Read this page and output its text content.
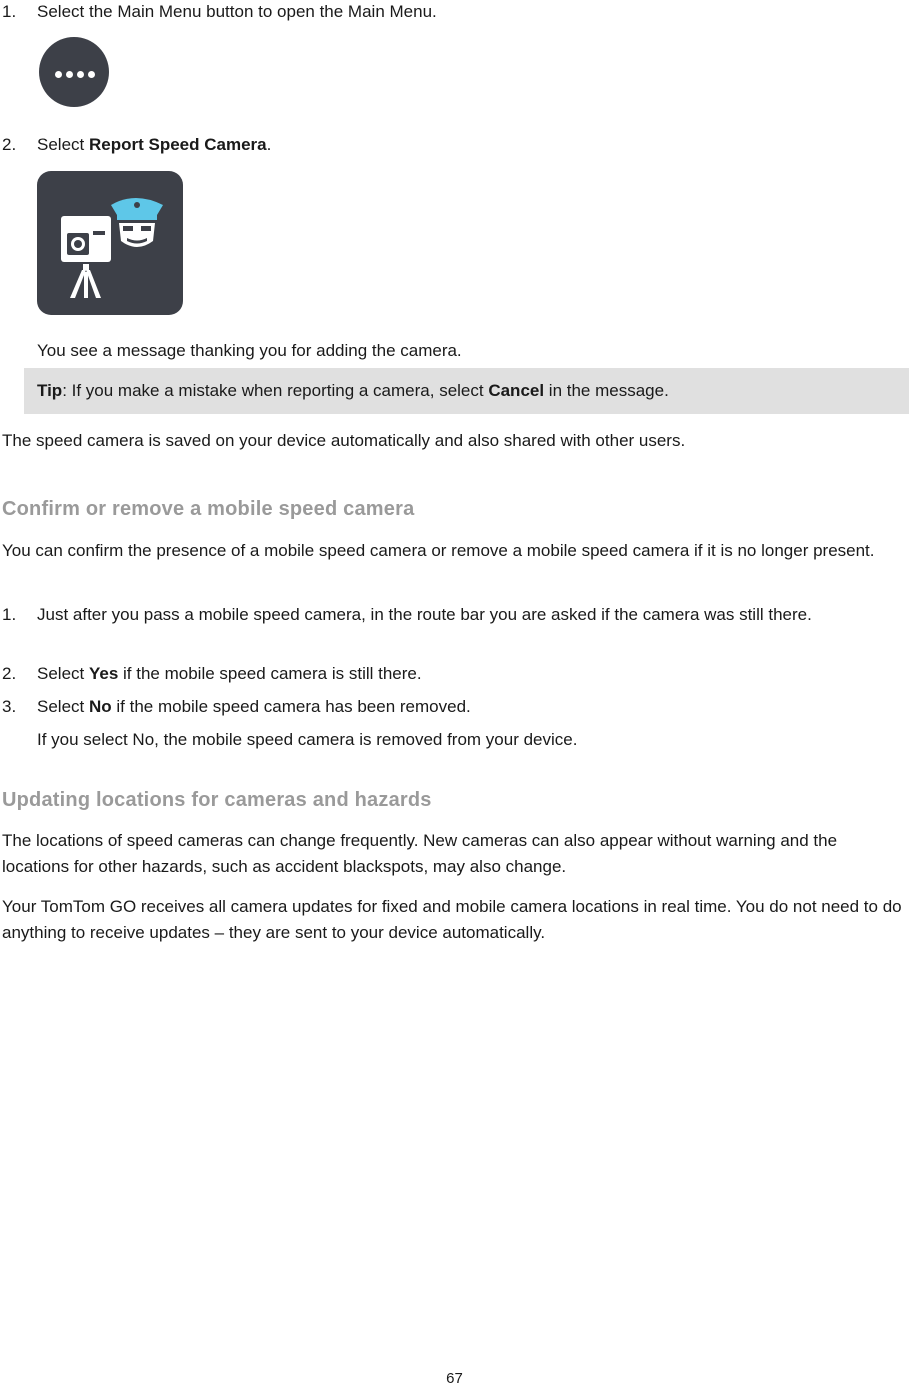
1. Select the Main Menu button to open the Main Menu.
2. Select Report Speed Camera.
You see a message thanking you for adding the camera.
Tip: If you make a mistake when reporting a camera, select Cancel in the message.
The speed camera is saved on your device automatically and also shared with other users.
Confirm or remove a mobile speed camera
You can confirm the presence of a mobile speed camera or remove a mobile speed camera if it is no longer present.
1. Just after you pass a mobile speed camera, in the route bar you are asked if the camera was still there.
2. Select Yes if the mobile speed camera is still there.
3. Select No if the mobile speed camera has been removed.
If you select No, the mobile speed camera is removed from your device.
Updating locations for cameras and hazards
The locations of speed cameras can change frequently. New cameras can also appear without warning and the locations for other hazards, such as accident blackspots, may also change.
Your TomTom GO receives all camera updates for fixed and mobile camera locations in real time. You do not need to do anything to receive updates – they are sent to your device automatically.
67
